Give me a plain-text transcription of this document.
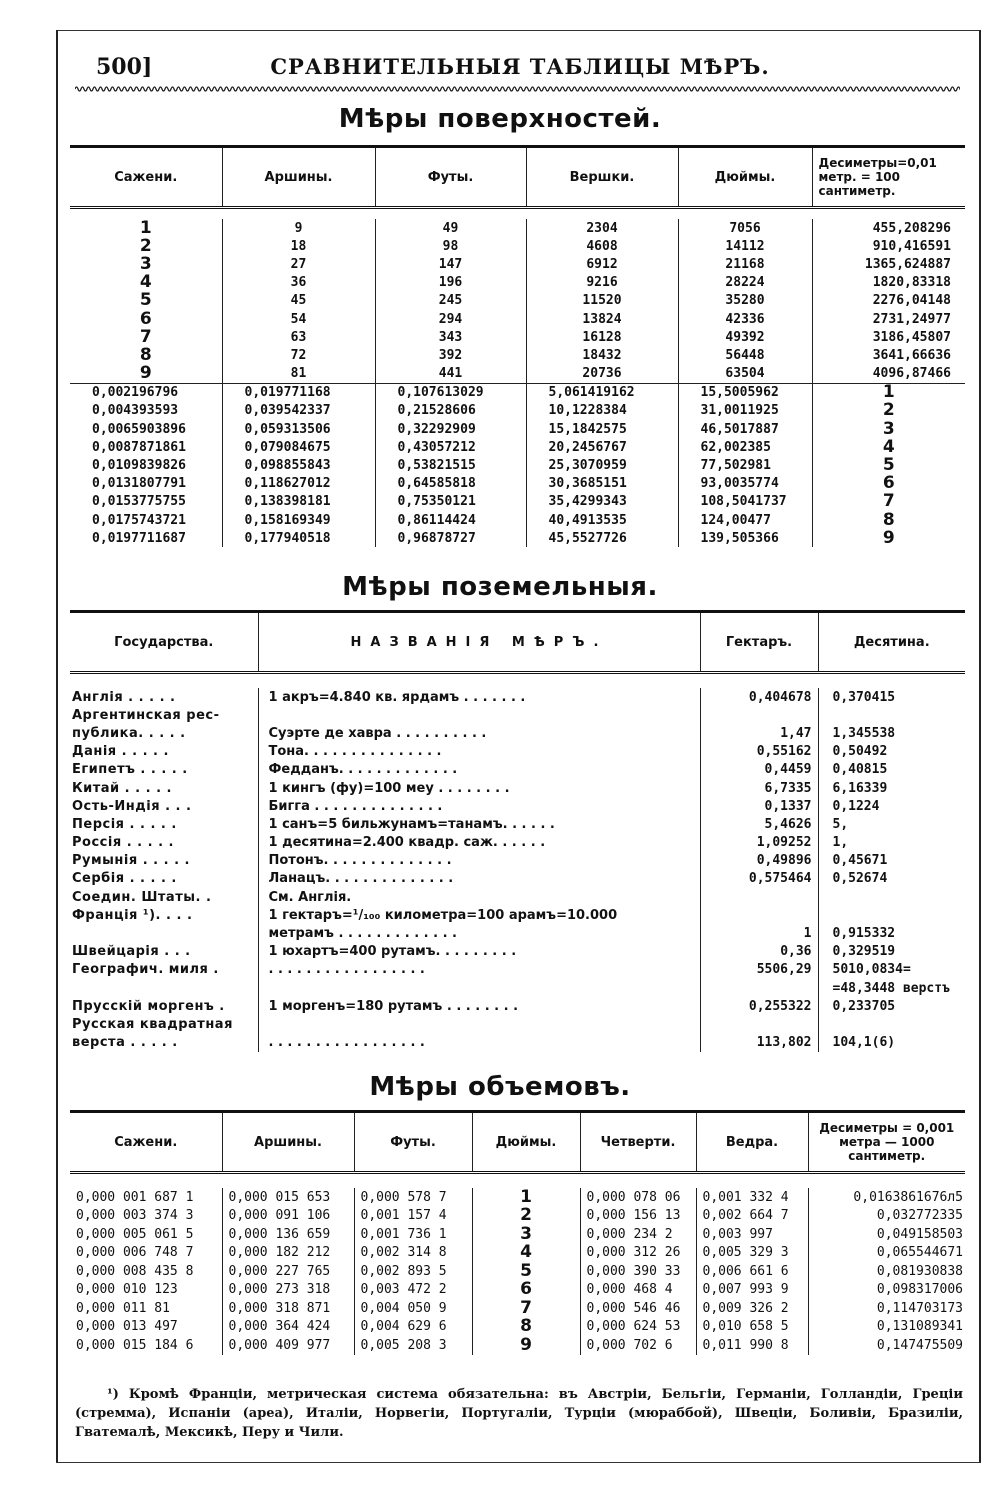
500]	СРАВНИТЕЛЬНЫЯ ТАБЛИЦЫ МѢРЪ.
Мѣры поверхностей.
Сажени.	Аршины.	Футы.	Вершки.	Дюймы.	Десиметры=0,01 метр. = 100 сантиметр.

1	9	49	2304	7056	455,208296
2	18	98	4608	14112	910,416591
3	27	147	6912	21168	1365,624887
4	36	196	9216	28224	1820,83318
5	45	245	11520	35280	2276,04148
6	54	294	13824	42336	2731,24977
7	63	343	16128	49392	3186,45807
8	72	392	18432	56448	3641,66636
9	81	441	20736	63504	4096,87466
0,002196796	0,019771168	0,107613029	5,061419162	15,5005962	1
0,004393593	0,039542337	0,21528606	10,1228384	31,0011925	2
0,0065903896	0,059313506	0,32292909	15,1842575	46,5017887	3
0,0087871861	0,079084675	0,43057212	20,2456767	62,002385	4
0,0109839826	0,098855843	0,53821515	25,3070959	77,502981	5
0,0131807791	0,118627012	0,64585818	30,3685151	93,0035774	6
0,0153775755	0,138398181	0,75350121	35,4299343	108,5041737	7
0,0175743721	0,158169349	0,86114424	40,4913535	124,00477	8
0,0197711687	0,177940518	0,96878727	45,5527726	139,505366	9
Мѣры поземельныя.
Государства.	НАЗВАНІЯ МѢРЪ.	Гектаръ.	Десятина.

Англія . . . . .	1 акръ=4.840 кв. ярдамъ . . . . . . .	0,404678	0,370415
Аргентинская рес-			
публика. . . . .	Суэрте де хавра . . . . . . . . . .	1,47	1,345538
Данія . . . . .	Тона. . . . . . . . . . . . . . .	0,55162	0,50492
Египетъ . . . . .	Федданъ. . . . . . . . . . . . .	0,4459	0,40815
Китай . . . . .	1 кингъ (фу)=100 меу . . . . . . . .	6,7335	6,16339
Ость-Индія . . .	Бигга . . . . . . . . . . . . . .	0,1337	0,1224
Персія . . . . .	1 санъ=5 бильжунамъ=танамъ. . . . . .	5,4626	5,
Россія . . . . .	1 десятина=2.400 квадр. саж. . . . . .	1,09252	1,
Румынія . . . . .	Потонъ. . . . . . . . . . . . . .	0,49896	0,45671
Сербія . . . . .	Ланацъ. . . . . . . . . . . . . .	0,575464	0,52674
Соедин. Штаты. .	См. Англія.		
Франція ¹). . . .	1 гектаръ=¹/₁₀₀ километра=100 арамъ=10.000		
	метрамъ . . . . . . . . . . . . .	1	0,915332
Швейцарія . . .	1 юхартъ=400 рутамъ. . . . . . . . .	0,36	0,329519
Географич. миля .	. . . . . . . . . . . . . . . . .	5506,29	5010,0834=
			=48,3448 верстъ
Прусскій моргенъ .	1 моргенъ=180 рутамъ . . . . . . . .	0,255322	0,233705
Русская квадратная			
верста . . . . .	. . . . . . . . . . . . . . . . .	113,802	104,1(6)
Мѣры объемовъ.
Сажени.	Аршины.	Футы.	Дюймы.	Четверти.	Ведра.	Десиметры = 0,001 метра — 1000 сантиметр.

0,000 001 687 1	0,000 015 653	0,000 578 7	1	0,000 078 06	0,001 332 4	0,0163861676л5
0,000 003 374 3	0,000 091 106	0,001 157 4	2	0,000 156 13	0,002 664 7	0,032772335
0,000 005 061 5	0,000 136 659	0,001 736 1	3	0,000 234 2	0,003 997	0,049158503
0,000 006 748 7	0,000 182 212	0,002 314 8	4	0,000 312 26	0,005 329 3	0,065544671
0,000 008 435 8	0,000 227 765	0,002 893 5	5	0,000 390 33	0,006 661 6	0,081930838
0,000 010 123	0,000 273 318	0,003 472 2	6	0,000 468 4	0,007 993 9	0,098317006
0,000 011 81	0,000 318 871	0,004 050 9	7	0,000 546 46	0,009 326 2	0,114703173
0,000 013 497	0,000 364 424	0,004 629 6	8	0,000 624 53	0,010 658 5	0,131089341
0,000 015 184 6	0,000 409 977	0,005 208 3	9	0,000 702 6	0,011 990 8	0,147475509
¹) Кромѣ Франціи, метрическая система обязательна: въ Австріи, Бельгіи, Германіи, Голландіи, Греціи (стремма), Испаніи (ареа), Италіи, Норвегіи, Португаліи, Турціи (мюраббой), Швеціи, Боливіи, Бразиліи, Гватемалѣ, Мексикѣ, Перу и Чили.
